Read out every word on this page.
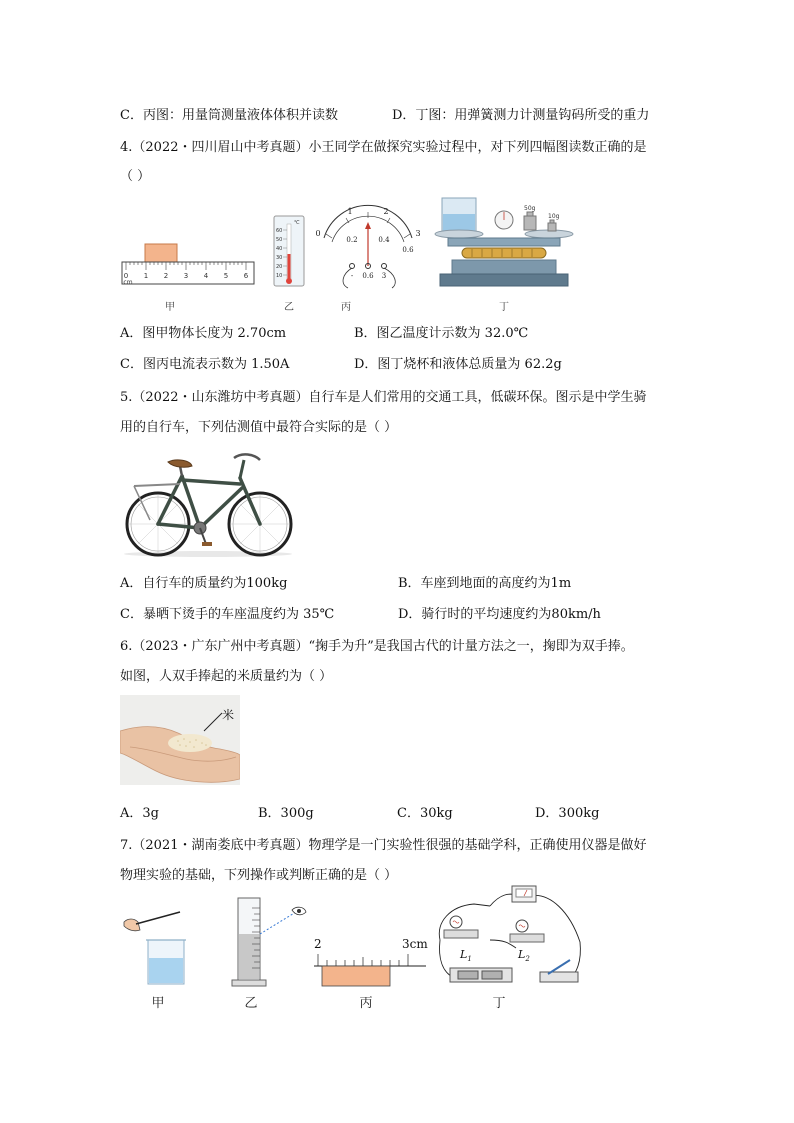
C．丙图：用量筒测量液体体积并读数	D．丁图：用弹簧测力计测量钩码所受的重力
4.（2022・四川眉山中考真题）小王同学在做探究实验过程中，对下列四幅图读数正确的是
（ ）
0 1 2 3 4 5 6
cm
甲
℃
60
50
40
30
20
10
乙
0
1	2
3
0.2	0.4
0.6
- 0.6 3
丙
50g
10g
丁
A．图甲物体长度为 2.70cm	B．图乙温度计示数为 32.0℃
C．图丙电流表示数为 1.50A	D．图丁烧杯和液体总质量为 62.2g
5.（2022・山东潍坊中考真题）自行车是人们常用的交通工具，低碳环保。图示是中学生骑
用的自行车，下列估测值中最符合实际的是（ ）
A．自行车的质量约为100kg	B．车座到地面的高度约为1m
C．暴晒下烫手的车座温度约为 35℃	D．骑行时的平均速度约为80km/h
6.（2023・广东广州中考真题）“掬手为升”是我国古代的计量方法之一，掬即为双手捧。
如图，人双手捧起的米质量约为（ ）
米
A．3g	B．300g	C．30kg	D．300kg
7.（2021・湖南娄底中考真题）物理学是一门实验性很强的基础学科，正确使用仪器是做好
物理实验的基础，下列操作或判断正确的是（ ）
甲	乙
2	3cm
丙
$L_1$	$L_2$
丁
